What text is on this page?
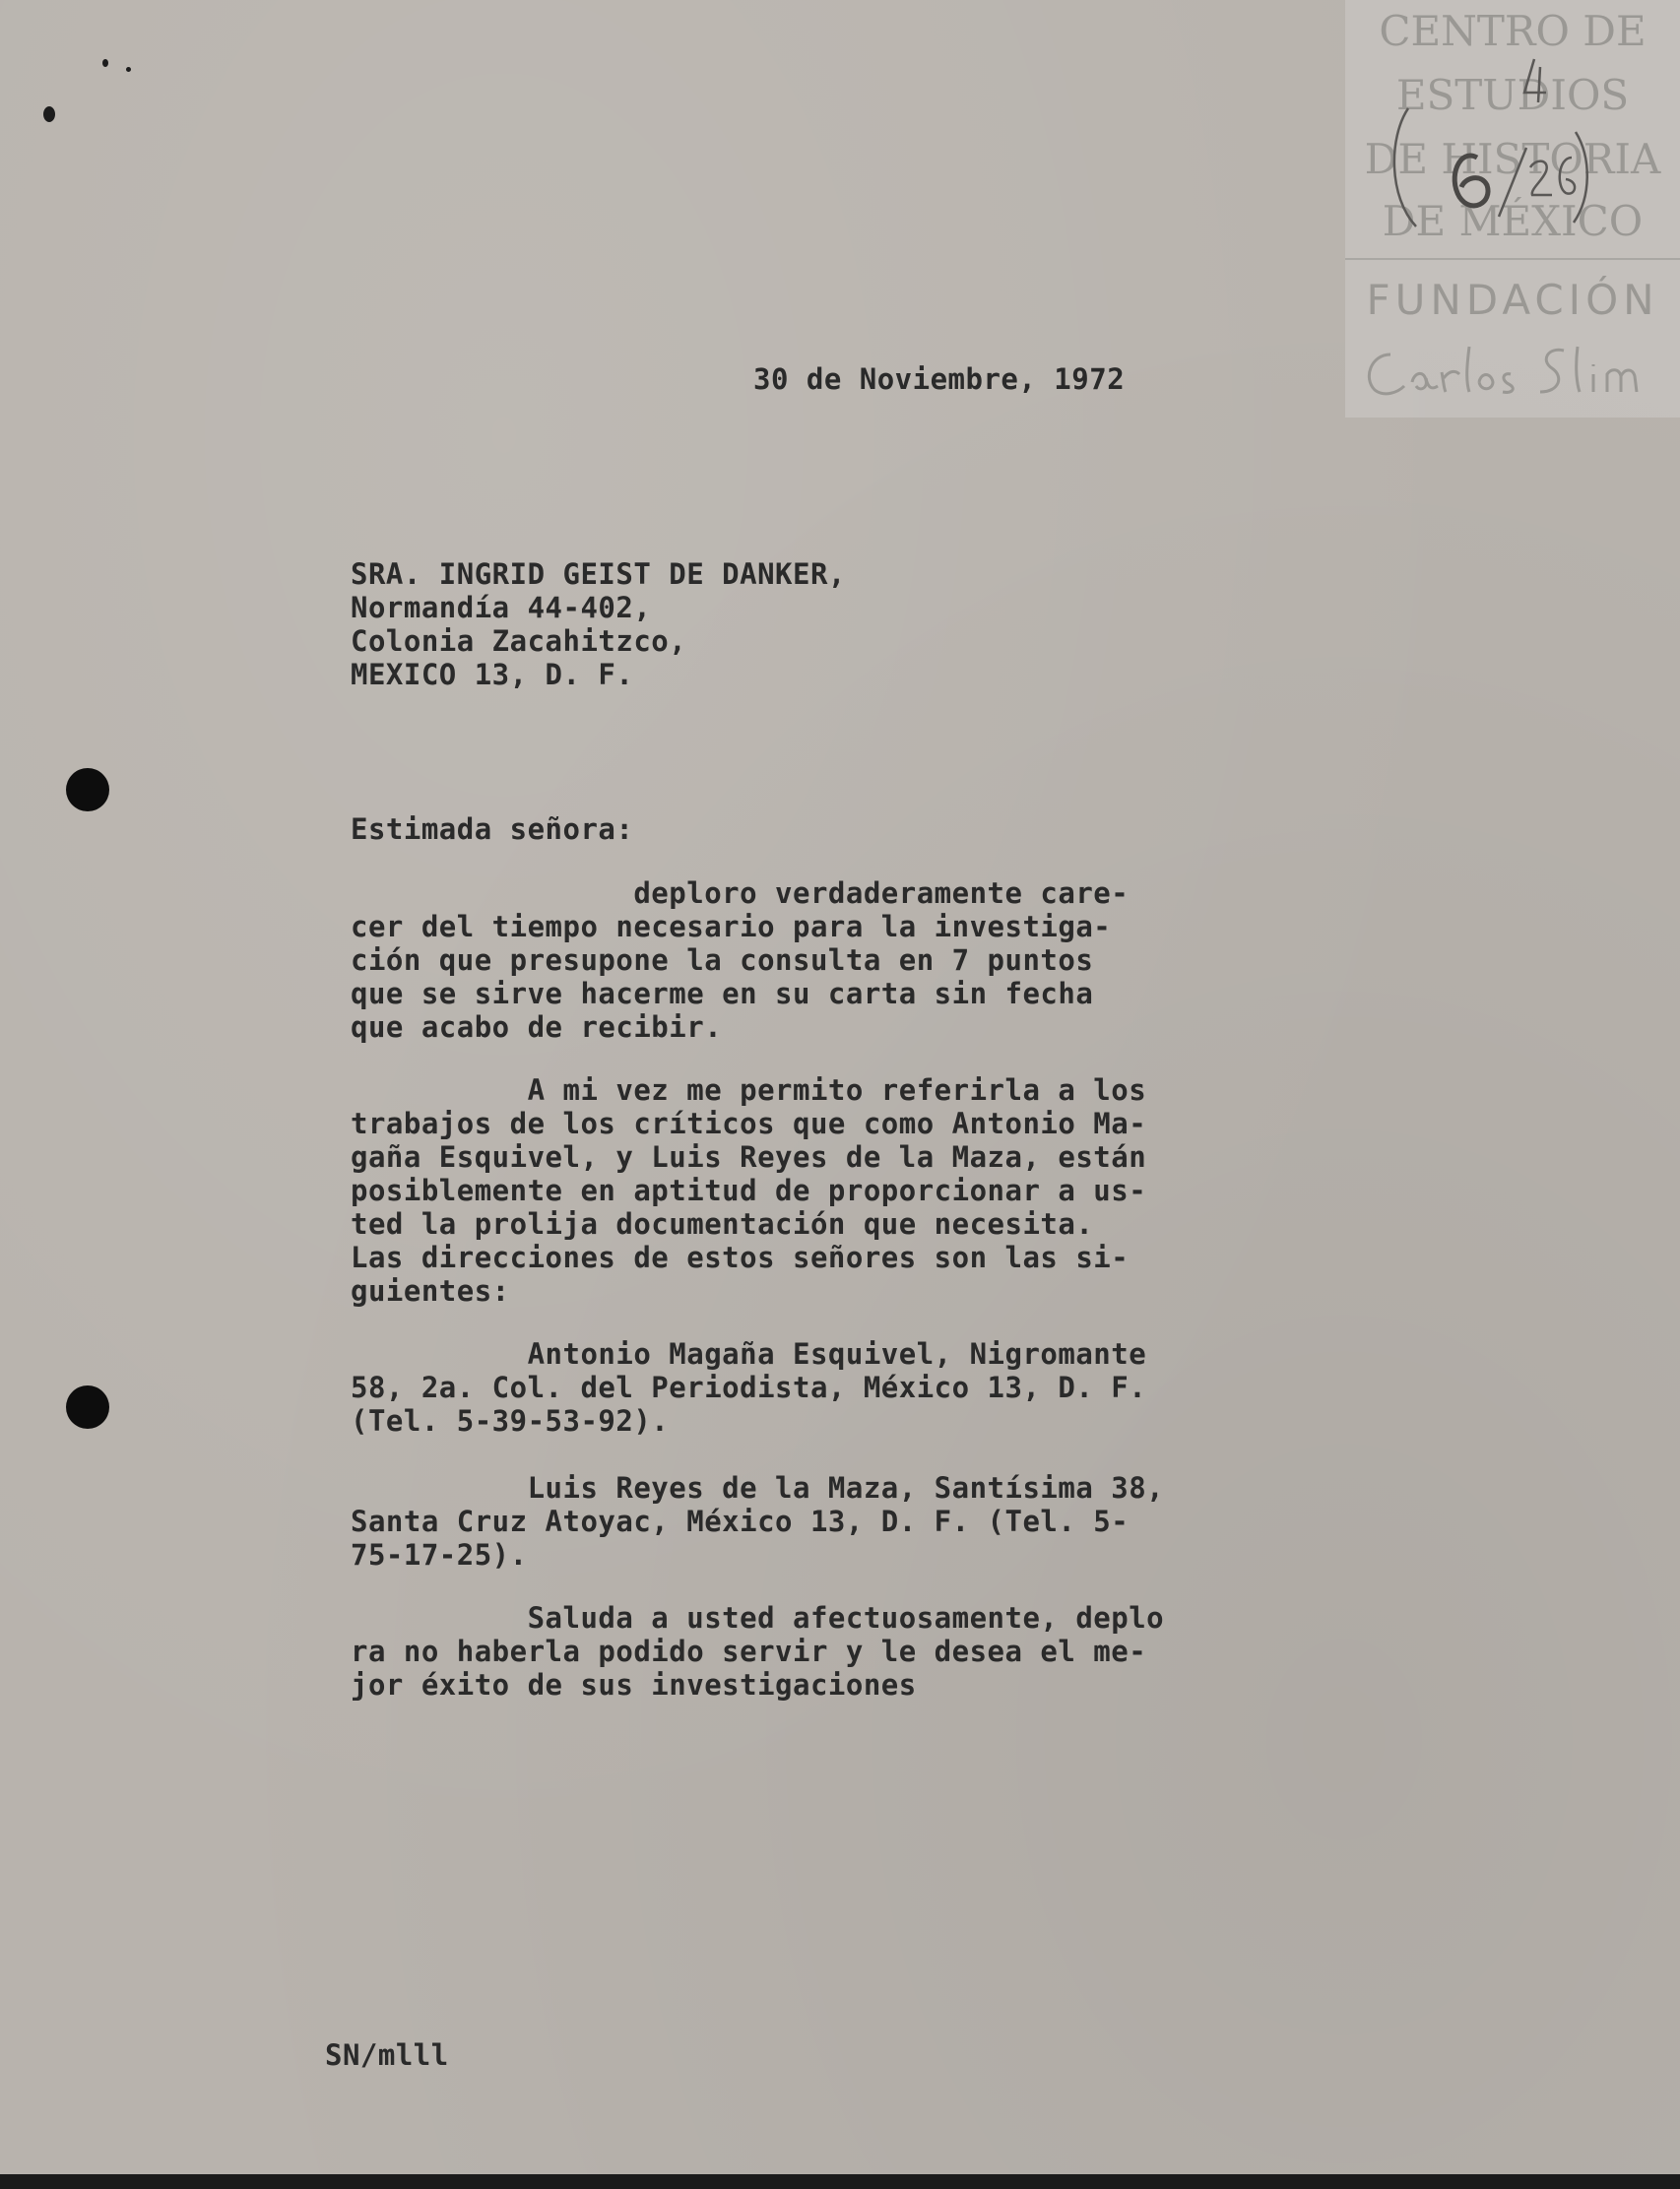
30 de Noviembre, 1972
SRA. INGRID GEIST DE DANKER,
Normandía 44-402,
Colonia Zacahitzco,
MEXICO 13, D. F.
Estimada señora:
deplоro verdaderamente care-
cer del tiempo necesario para la investiga-
ción que presupone la consulta en 7 puntos
que se sirve hacerme en su carta sin fecha
que acabo de recibir.
A mi vez me permito referirla a los
trabajos de los críticos que como Antonio Ma-
gaña Esquivel, y Luis Reyes de la Maza, están
posiblemente en aptitud de proporcionar a us-
ted la prolija documentación que necesita.
Las direcciones de estos señores son las si-
guientes:
Antonio Magaña Esquivel, Nigromante
58, 2a. Col. del Periodista, México 13, D. F.
(Tel. 5-39-53-92).
Luis Reyes de la Maza, Santísima 38,
Santa Cruz Atoyac, México 13, D. F. (Tel. 5-
75-17-25).
Saluda a usted afectuosamente, deplo
ra no haberla podido servir y le desea el me-
jor éxito de sus investigaciones
SN/mlll
CENTRO DE
ESTUDIOS
DE HISTORIA
DE MÉXICO
FUNDACIÓN
